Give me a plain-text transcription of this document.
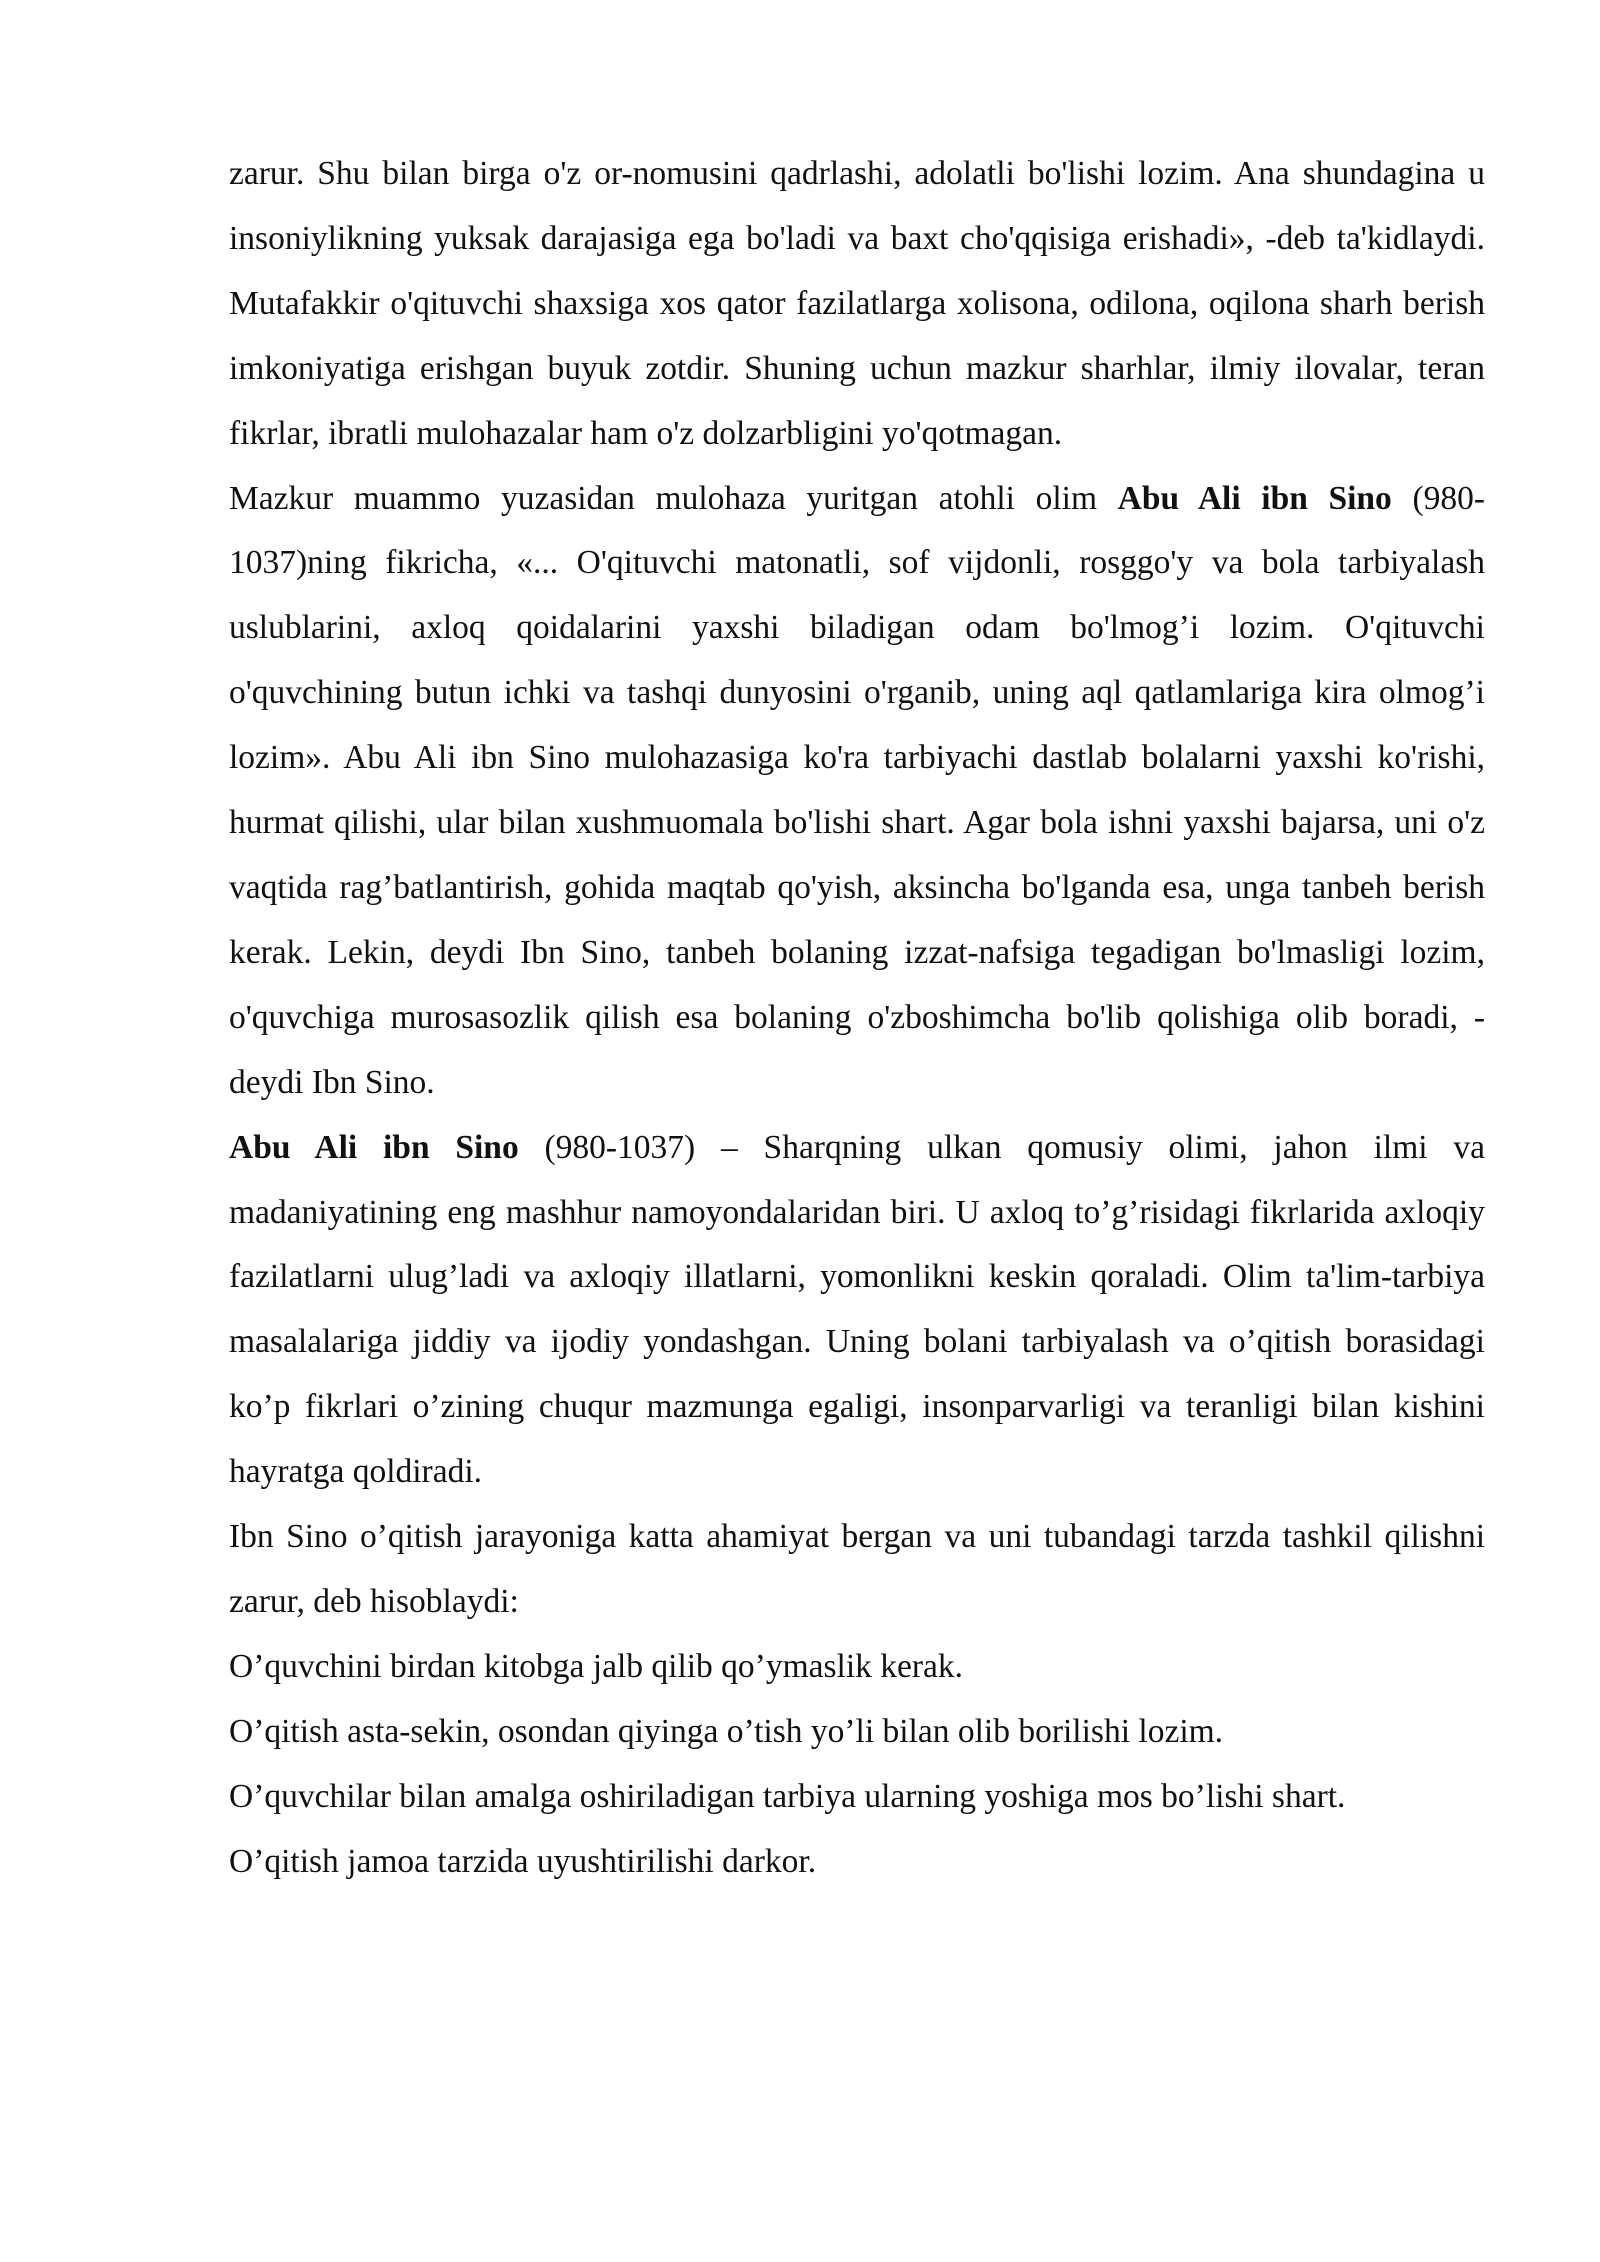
zarur. Shu bilan birga o'z or-nomusini qadrlashi, adolatli bo'lishi lozim. Ana shundagina u insoniylikning yuksak darajasiga ega bo'ladi va baxt cho'qqisiga erishadi», -deb ta'kidlaydi. Mutafakkir o'qituvchi shaxsiga xos qator fazilatlarga xolisona, odilona, oqilona sharh berish imkoniyatiga erishgan buyuk zotdir. Shuning uchun mazkur sharhlar, ilmiy ilovalar, teran fikrlar, ibratli mulohazalar ham o'z dolzarbligini yo'qotmagan.

Mazkur muammo yuzasidan mulohaza yuritgan atohli olim Abu Ali ibn Sino (980-1037)ning fikricha, «... O'qituvchi matonatli, sof vijdonli, rosggo'y va bola tarbiyalash uslublarini, axloq qoidalarini yaxshi biladigan odam bo'lmog’i lozim. O'qituvchi o'quvchining butun ichki va tashqi dunyosini o'rganib, uning aql qatlamlariga kira olmog’i lozim». Abu Ali ibn Sino mulohazasiga ko'ra tarbiyachi dastlab bolalarni yaxshi ko'rishi, hurmat qilishi, ular bilan xushmuomala bo'lishi shart. Agar bola ishni yaxshi bajarsa, uni o'z vaqtida rag’batlantirish, gohida maqtab qo'yish, aksincha bo'lganda esa, unga tanbeh berish kerak. Lekin, deydi Ibn Sino, tanbeh bolaning izzat-nafsiga tegadigan bo'lmasligi lozim, o'quvchiga murosasozlik qilish esa bolaning o'zboshimcha bo'lib qolishiga olib boradi, - deydi Ibn Sino.

Abu Ali ibn Sino (980-1037) – Sharqning ulkan qomusiy olimi, jahon ilmi va madaniyatining eng mashhur namoyondalaridan biri. U axloq to’g’risidagi fikrlarida axloqiy fazilatlarni ulug’ladi va axloqiy illatlarni, yomonlikni keskin qoraladi. Olim ta'lim-tarbiya masalalariga jiddiy va ijodiy yondashgan. Uning bolani tarbiyalash va o’qitish borasidagi ko’p fikrlari o’zining chuqur mazmunga egaligi, insonparvarligi va teranligi bilan kishini hayratga qoldiradi.

Ibn Sino o’qitish jarayoniga katta ahamiyat bergan va uni tubandagi tarzda tashkil qilishni zarur, deb hisoblaydi:

O’quvchini birdan kitobga jalb qilib qo’ymaslik kerak.

O’qitish asta-sekin, osondan qiyinga o’tish yo’li bilan olib borilishi lozim.

O’quvchilar bilan amalga oshiriladigan tarbiya ularning yoshiga mos bo’lishi shart.

O’qitish jamoa tarzida uyushtirilishi darkor.
